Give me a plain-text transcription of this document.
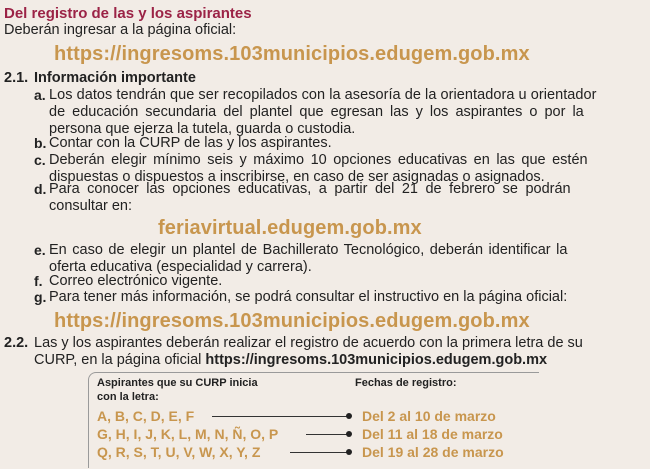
Del registro de las y los aspirantes
Deberán ingresar a la página oficial:
https://ingresoms.103municipios.edugem.gob.mx
2.1. Información importante
a. Los datos tendrán que ser recopilados con la asesoría de la orientadora u orientador
de educación secundaria del plantel que egresan las y los aspirantes o por la
persona que ejerza la tutela, guarda o custodia.
b. Contar con la CURP de las y los aspirantes.
c. Deberán elegir mínimo seis y máximo 10 opciones educativas en las que estén
dispuestas o dispuestos a inscribirse, en caso de ser asignadas o asignados.
d. Para conocer las opciones educativas, a partir del 21 de febrero se podrán
consultar en:
feriavirtual.edugem.gob.mx
e. En caso de elegir un plantel de Bachillerato Tecnológico, deberán identificar la
oferta educativa (especialidad y carrera).
f. Correo electrónico vigente.
g. Para tener más información, se podrá consultar el instructivo en la página oficial:
https://ingresoms.103municipios.edugem.gob.mx
2.2. Las y los aspirantes deberán realizar el registro de acuerdo con la primera letra de su
CURP, en la página oficial https://ingresoms.103municipios.edugem.gob.mx
Aspirantes que su CURP inicia
con la letra:
Fechas de registro:
A, B, C, D, E, F	Del 2 al 10 de marzo
G, H, I, J, K, L, M, N, Ñ, O, P	Del 11 al 18 de marzo
Q, R, S, T, U, V, W, X, Y, Z	Del 19 al 28 de marzo
